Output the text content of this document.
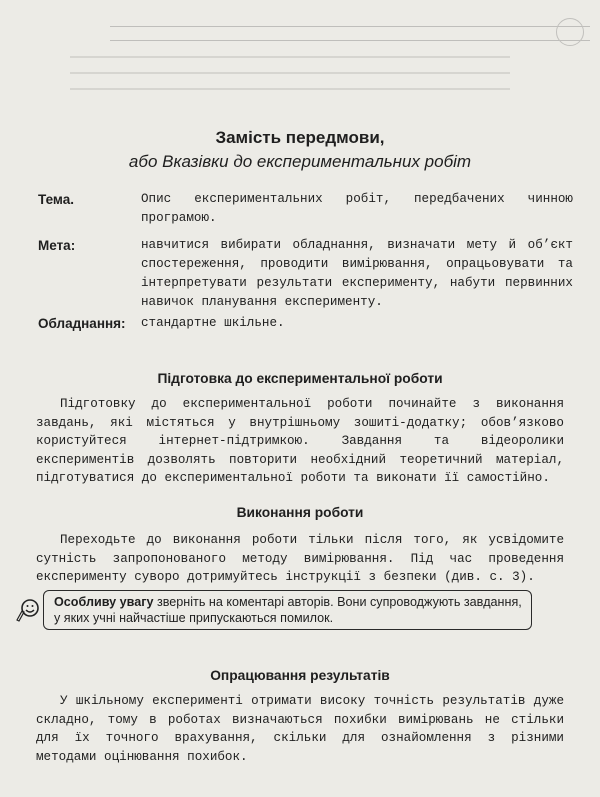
Замість передмови,
або Вказівки до експериментальних робіт
Тема.	Опис експериментальних робіт, передбачених чинною програмою.
Мета:	навчитися вибирати обладнання, визначати мету й об’єкт спостереження, проводити вимірювання, опрацьовувати та інтерпретувати результати експерименту, набути первинних навичок планування експерименту.
Обладнання: стандартне шкільне.
Підготовка до експериментальної роботи
Підготовку до експериментальної роботи починайте з виконання завдань, які містяться у внутрішньому зошиті-додатку; обов’язково користуйтеся інтернет-підтримкою. Завдання та відеоролики експериментів дозволять повторити необхідний теоретичний матеріал, підготуватися до експериментальної роботи та виконати її самостійно.
Виконання роботи
Переходьте до виконання роботи тільки після того, як усвідомите сутність запропонованого методу вимірювання. Під час проведення експерименту суворо дотримуйтесь інструкції з безпеки (див. с. 3).
Особливу увагу зверніть на коментарі авторів. Вони супроводжують завдання, у яких учні найчастіше припускаються помилок.
Опрацювання результатів
У шкільному експерименті отримати високу точність результатів дуже складно, тому в роботах визначаються похибки вимірювань не стільки для їх точного врахування, скільки для ознайомлення з різними методами оцінювання похибок.
